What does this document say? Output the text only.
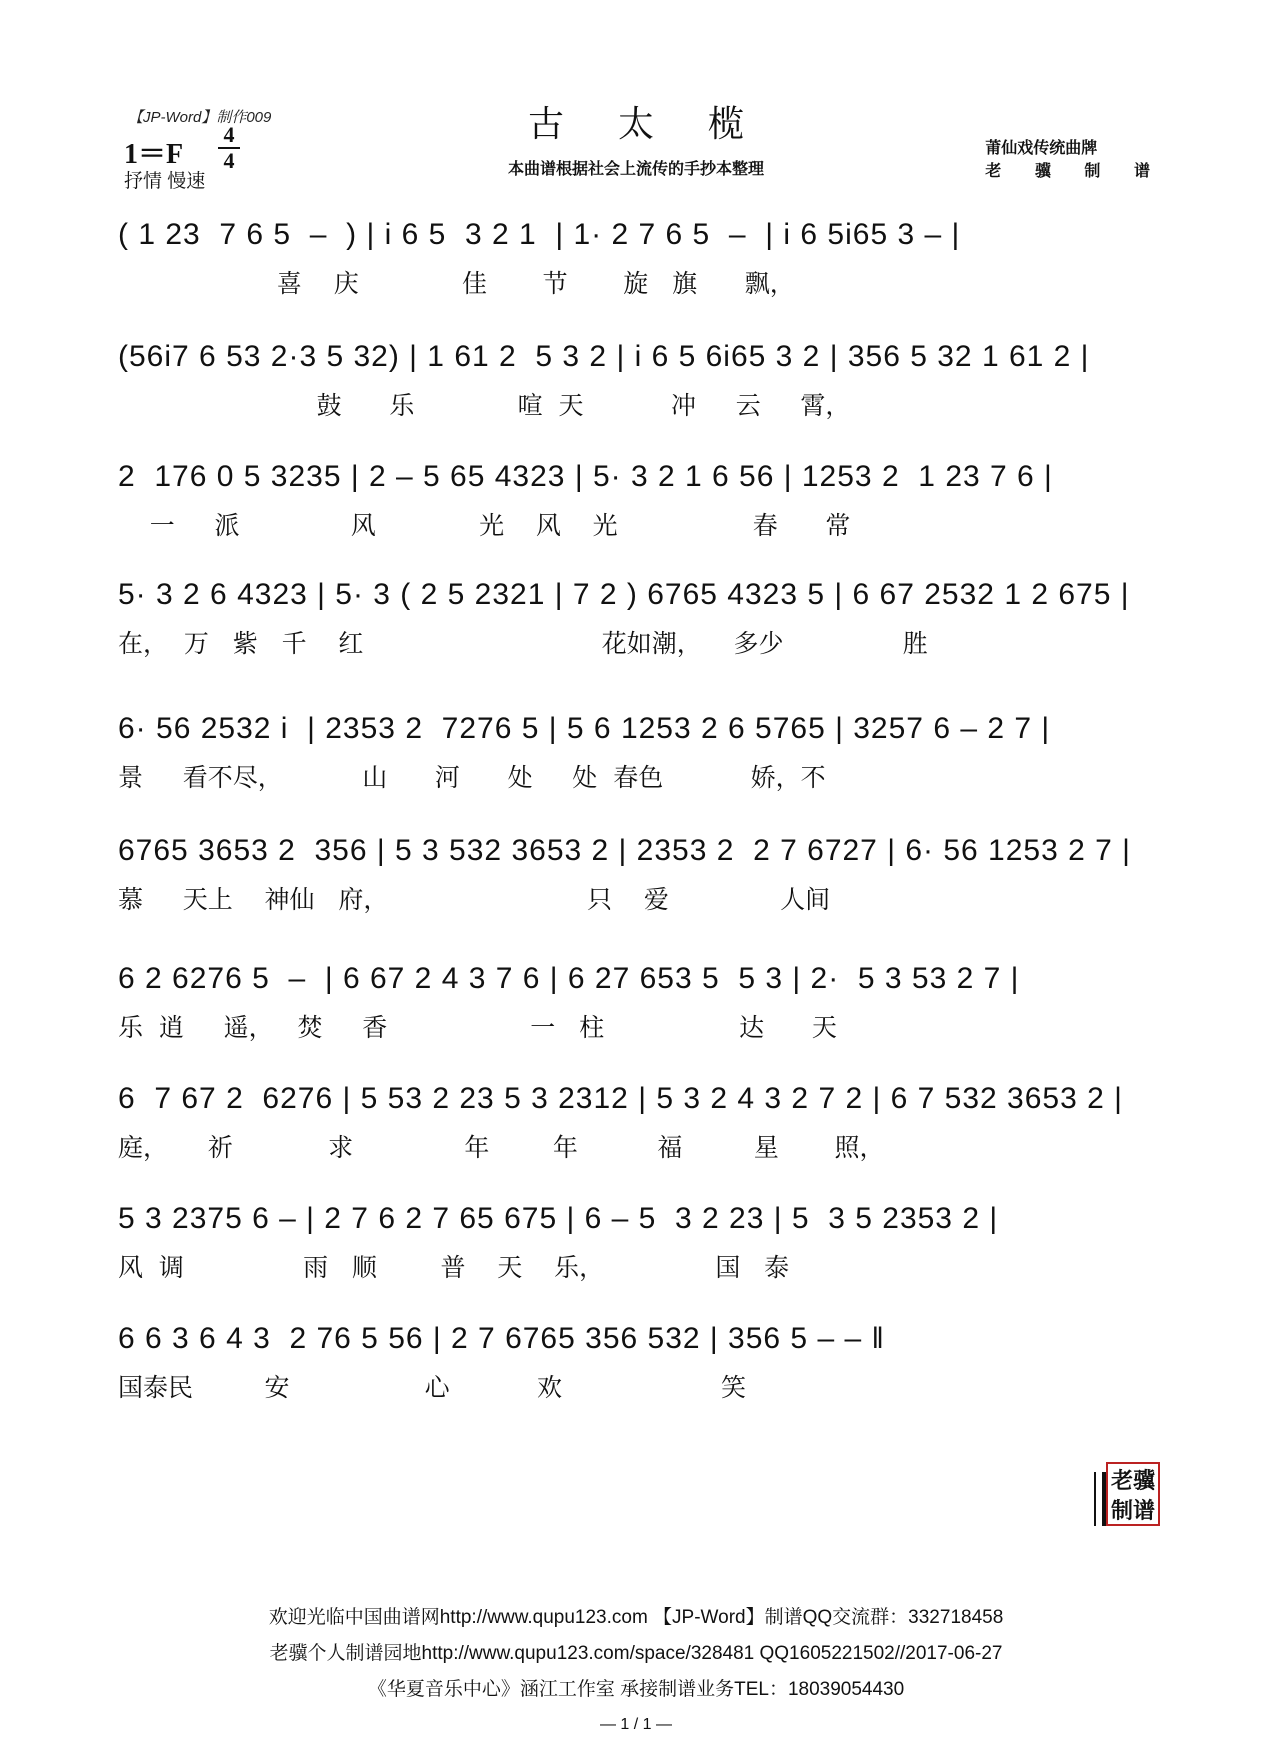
【JP-Word】制作009
1＝F
4
4
抒情 慢速
古太榄
本曲谱根据社会上流传的手抄本整理
莆仙戏传统曲牌
老 骥 制 谱
( 1 23  7 6 5  –  ) | i 6 5  3 2 1  | 1· 2 7 6 5  –  | i 6 5i65 3 – |
喜    庆             佳       节       旋   旗      飘，
(56i7 6 53 2·3 5 32) | 1 61 2  5 3 2 | i 6 5 6i65 3 2 | 356 5 32 1 61 2 |
鼓      乐             喧  天           冲     云     霄，
2  176 0 5 3235 | 2 – 5 65 4323 | 5· 3 2 1 6 56 | 1253 2  1 23 7 6 |
一     派              风             光    风    光                 春      常
5· 3 2 6 4323 | 5· 3 ( 2 5 2321 | 7 2 ) 6765 4323 5 | 6 67 2532 1 2 675 |
在，  万   紫   千    红                              花如潮，    多少               胜
6· 56 2532 i  | 2353 2  7276 5 | 5 6 1253 2 6 5765 | 3257 6 – 2 7 |
景     看不尽，          山      河      处     处  春色           娇，不
6765 3653 2  356 | 5 3 532 3653 2 | 2353 2  2 7 6727 | 6· 56 1253 2 7 |
慕     天上    神仙   府，                         只    爱              人间
6 2 6276 5  –  | 6 67 2 4 3 7 6 | 6 27 653 5  5 3 | 2·  5 3 53 2 7 |
乐  逍     遥，   焚     香                  一   柱                 达      天
6  7 67 2  6276 | 5 53 2 23 5 3 2312 | 5 3 2 4 3 2 7 2 | 6 7 532 3653 2 |
庭，     祈            求              年        年          福         星       照，
5 3 2375 6 – | 2 7 6 2 7 65 675 | 6 – 5  3 2 23 | 5  3 5 2353 2 |
风  调               雨   顺        普    天    乐，              国   泰
6 6 3 6 4 3  2 76 5 56 | 2 7 6765 356 532 | 356 5 – – ‖
国泰民         安                 心           欢                    笑
老骥制谱
欢迎光临中国曲谱网http://www.qupu123.com 【JP-Word】制谱QQ交流群：332718458
老骥个人制谱园地http://www.qupu123.com/space/328481 QQ1605221502//2017-06-27
《华夏音乐中心》涵江工作室 承接制谱业务TEL：18039054430
— 1 / 1 —
